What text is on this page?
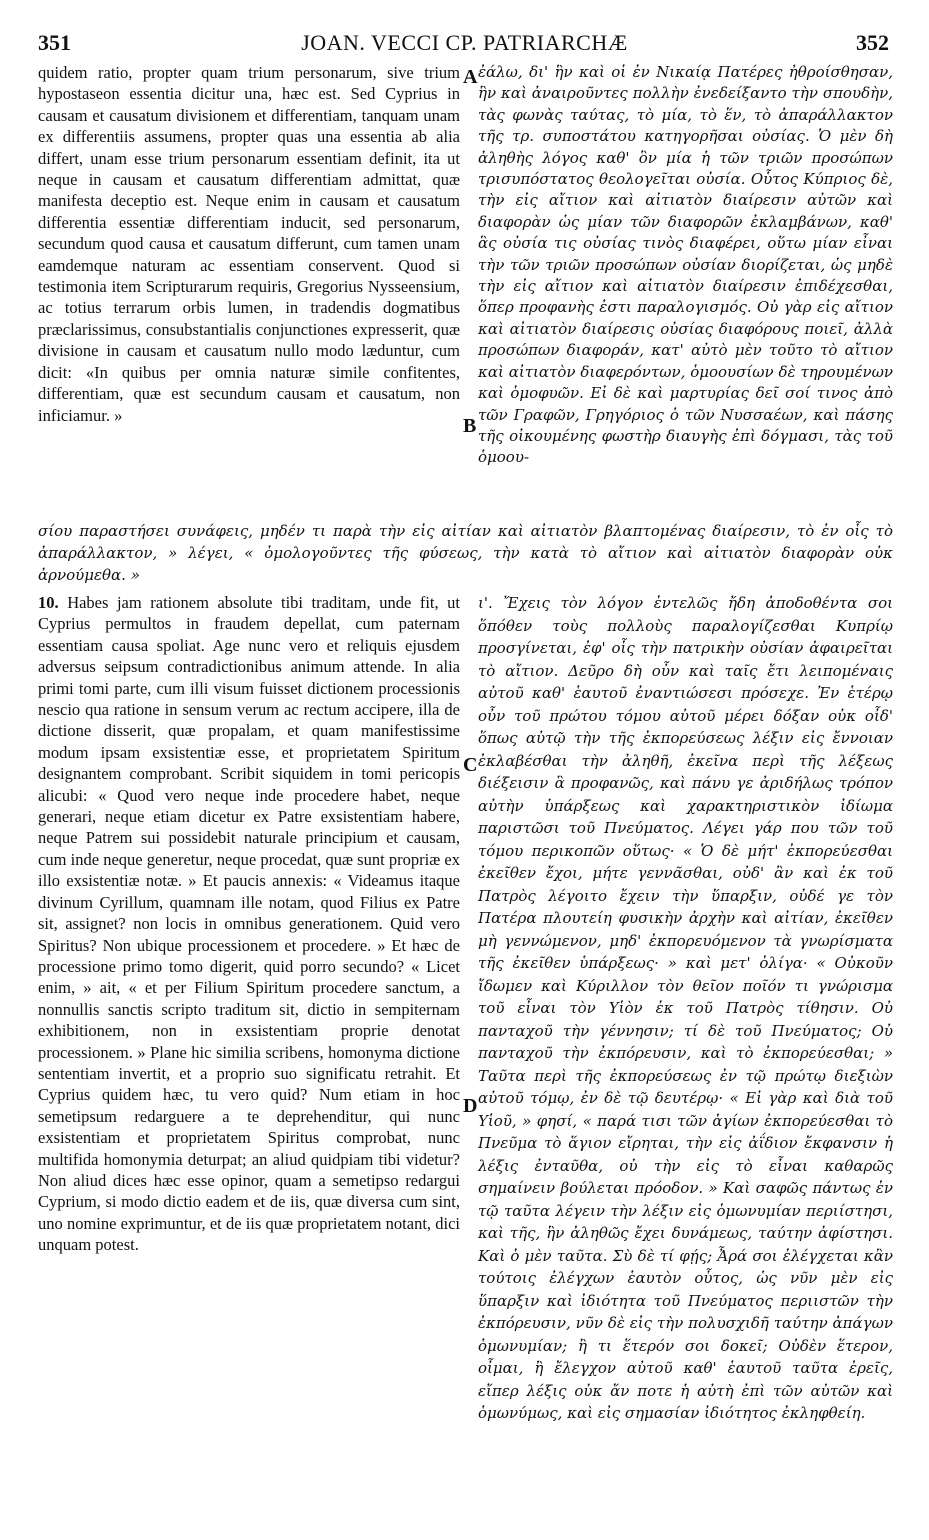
351	JOAN. VECCI CP. PATRIARCHÆ	352
A
B
C
D

quidem ratio, propter quam trium personarum, sive trium hypostaseon essentia dicitur una, hæc est. Sed Cyprius in causam et causatum divisionem et differentiam, tanquam unam ex differentiis assumens, propter quas una essentia ab alia differt, unam esse trium personarum essentiam definit, ita ut neque in causam et causatum differentiam admittat, quæ manifesta deceptio est. Neque enim in causam et causatum differentia essentiæ differentiam inducit, sed personarum, secundum quod causa et causatum differunt, cum tamen unam eamdemque naturam ac essentiam conservent. Quod si testimonia item Scripturarum requiris, Gregorius Nysseensium, ac totius terrarum orbis lumen, in tradendis dogmatibus præclarissimus, consubstantialis conjunctiones expresserit, quæ divisione in causam et causatum nullo modo læduntur, cum dicit: «In quibus per omnia naturæ simile confitentes, differentiam, quæ est secundum causam et causatum, non inficiamur. »

ἐάλω, δι' ἣν καὶ οἱ ἐν Νικαίᾳ Πατέρες ἠθροίσθησαν, ἣν καὶ ἀναιροῦντες πολλὴν ἐνεδείξαντο τὴν σπουδὴν, τὰς φωνὰς ταύτας, τὸ μία, τὸ ἕν, τὸ ἀπαράλλακτον τῆς τρ. συποστάτου κατηγορῆσαι οὐσίας. Ὁ μὲν δὴ ἀληθὴς λόγος καθ' ὃν μία ἡ τῶν τριῶν προσώπων τρισυπόστατος θεολογεῖται οὐσία. Οὗτος Κύπριος δὲ, τὴν εἰς αἴτιον καὶ αἰτιατὸν διαίρεσιν αὐτῶν καὶ διαφορὰν ὡς μίαν τῶν διαφορῶν ἐκλαμβάνων, καθ' ἃς οὐσία τις οὐσίας τινὸς διαφέρει, οὕτω μίαν εἶναι τὴν τῶν τριῶν προσώπων οὐσίαν διορίζεται, ὡς μηδὲ τὴν εἰς αἴτιον καὶ αἰτιατὸν διαίρεσιν ἐπιδέχεσθαι, ὅπερ προφανὴς ἐστι παραλογισμός. Οὐ γὰρ εἰς αἴτιον καὶ αἰτιατὸν διαίρεσις οὐσίας διαφόρους ποιεῖ, ἀλλὰ προσώπων διαφοράν, κατ' αὐτὸ μὲν τοῦτο τὸ αἴτιον καὶ αἰτιατὸν διαφερόντων, ὁμοουσίων δὲ τηρουμένων καὶ ὁμοφυῶν. Εἰ δὲ καὶ μαρτυρίας δεῖ σοί τινος ἀπὸ τῶν Γραφῶν, Γρηγόριος ὁ τῶν Νυσσαέων, καὶ πάσης τῆς οἰκουμένης φωστὴρ διαυγὴς ἐπὶ δόγμασι, τὰς τοῦ ὁμοου-

σίου παραστήσει συνάφεις, μηδέν τι παρὰ τὴν εἰς αἰτίαν καὶ αἰτιατὸν βλαπτομένας διαίρεσιν, τὸ ἐν οἷς τὸ ἀπαράλλακτον, » λέγει, « ὁμολογοῦντες τῆς φύσεως, τὴν κατὰ τὸ αἴτιον καὶ αἰτιατὸν διαφορὰν οὐκ ἀρνούμεθα. »

10. Habes jam rationem absolute tibi traditam, unde fit, ut Cyprius permultos in fraudem depellat, cum paternam essentiam causa spoliat. Age nunc vero et reliquis ejusdem adversus seipsum contradictionibus animum attende. In alia primi tomi parte, cum illi visum fuisset dictionem processionis nescio qua ratione in sensum verum ac rectum accipere, illa de dictione disserit, quæ propalam, et quam manifestissime modum ipsam exsistentiæ esse, et proprietatem Spiritum designantem comprobant. Scribit siquidem in tomi pericopis alicubi: « Quod vero neque inde procedere habet, neque generari, neque etiam dicetur ex Patre exsistentiam habere, neque Patrem sui possidebit naturale principium et causam, cum inde neque generetur, neque procedat, quæ sunt propriæ ex illo exsistentiæ notæ. » Et paucis annexis: « Videamus itaque divinum Cyrillum, quamnam ille notam, quod Filius ex Patre sit, assignet? non locis in omnibus generationem. Quid vero Spiritus? Non ubique processionem et procedere. » Et hæc de processione primo tomo digerit, quid porro secundo? « Licet enim, » ait, « et per Filium Spiritum procedere sanctum, a nonnullis sanctis scripto traditum sit, dictio in sempiternam exhibitionem, non in exsistentiam proprie denotat processionem. » Plane hic similia scribens, homonyma dictione sententiam invertit, et a proprio suo significatu retrahit. Et Cyprius quidem hæc, tu vero quid? Num etiam in hoc semetipsum redarguere a te deprehenditur, qui nunc exsistentiam et proprietatem Spiritus comprobat, nunc multifida homonymia deturpat; an aliud quidpiam tibi videtur? Non aliud dices hæc esse opinor, quam a semetipso redargui Cyprium, si modo dictio eadem et de iis, quæ diversa cum sint, uno nomine exprimuntur, et de iis quæ proprietatem notant, dici unquam potest.

ι'. Ἔχεις τὸν λόγον ἐντελῶς ἤδη ἀποδοθέντα σοι ὅπόθεν τοὺς πολλοὺς παραλογίζεσθαι Κυπρίῳ προσγίνεται, ἐφ' οἷς τὴν πατρικὴν οὐσίαν ἀφαιρεῖται τὸ αἴτιον. Δεῦρο δὴ οὖν καὶ ταῖς ἔτι λειπομέναις αὐτοῦ καθ' ἑαυτοῦ ἐναντιώσεσι πρόσεχε. Ἐν ἑτέρῳ οὖν τοῦ πρώτου τόμου αὐτοῦ μέρει δόξαν οὐκ οἶδ' ὅπως αὐτῷ τὴν τῆς ἐκπορεύσεως λέξιν εἰς ἔννοιαν ἐκλαβέσθαι τὴν ἀληθῆ, ἐκεῖνα περὶ τῆς λέξεως διέξεισιν ἃ προφανῶς, καὶ πάνυ γε ἀριδήλως τρόπον αὐτὴν ὑπάρξεως καὶ χαρακτηριστικὸν ἰδίωμα παριστῶσι τοῦ Πνεύματος. Λέγει γάρ που τῶν τοῦ τόμου περικοπῶν οὕτως· « Ὁ δὲ μήτ' ἐκπορεύεσθαι ἐκεῖθεν ἔχοι, μήτε γεννᾶσθαι, οὐδ' ἂν καὶ ἐκ τοῦ Πατρὸς λέγοιτο ἔχειν τὴν ὕπαρξιν, οὐδέ γε τὸν Πατέρα πλουτείη φυσικὴν ἀρχὴν καὶ αἰτίαν, ἐκεῖθεν μὴ γεννώμενον, μηδ' ἐκπορευόμενον τὰ γνωρίσματα τῆς ἐκεῖθεν ὑπάρξεως· » καὶ μετ' ὀλίγα· « Οὐκοῦν ἴδωμεν καὶ Κύριλλον τὸν θεῖον ποῖόν τι γνώρισμα τοῦ εἶναι τὸν Υἱὸν ἐκ τοῦ Πατρὸς τίθησιν. Οὐ πανταχοῦ τὴν γέννησιν; τί δὲ τοῦ Πνεύματος; Οὐ πανταχοῦ τὴν ἐκπόρευσιν, καὶ τὸ ἐκπορεύεσθαι; » Ταῦτα περὶ τῆς ἐκπορεύσεως ἐν τῷ πρώτῳ διεξιὼν αὐτοῦ τόμῳ, ἐν δὲ τῷ δευτέρῳ· « Εἰ γὰρ καὶ διὰ τοῦ Υἱοῦ, » φησί, « παρά τισι τῶν ἁγίων ἐκπορεύεσθαι τὸ Πνεῦμα τὸ ἅγιον εἴρηται, τὴν εἰς ἀΐδιον ἔκφανσιν ἡ λέξις ἐνταῦθα, οὐ τὴν εἰς τὸ εἶναι καθαρῶς σημαίνειν βούλεται πρόοδον. » Καὶ σαφῶς πάντως ἐν τῷ ταῦτα λέγειν τὴν λέξιν εἰς ὁμωνυμίαν περιίστησι, καὶ τῆς, ἣν ἀληθῶς ἔχει δυνάμεως, ταύτην ἀφίστησι. Καὶ ὁ μὲν ταῦτα. Σὺ δὲ τί φῄς; Ἆρά σοι ἐλέγχεται κἂν τούτοις ἐλέγχων ἑαυτὸν οὗτος, ὡς νῦν μὲν εἰς ὕπαρξιν καὶ ἰδιότητα τοῦ Πνεύματος περιιστῶν τὴν ἐκπόρευσιν, νῦν δὲ εἰς τὴν πολυσχιδῆ ταύτην ἀπάγων ὁμωνυμίαν; ἢ τι ἕτερόν σοι δοκεῖ; Οὐδὲν ἕτερον, οἶμαι, ἢ ἔλεγχον αὐτοῦ καθ' ἑαυτοῦ ταῦτα ἐρεῖς, εἴπερ λέξις οὐκ ἄν ποτε ἡ αὐτὴ ἐπὶ τῶν αὐτῶν καὶ ὁμωνύμως, καὶ εἰς σημασίαν ἰδιότητος ἐκληφθείη.
